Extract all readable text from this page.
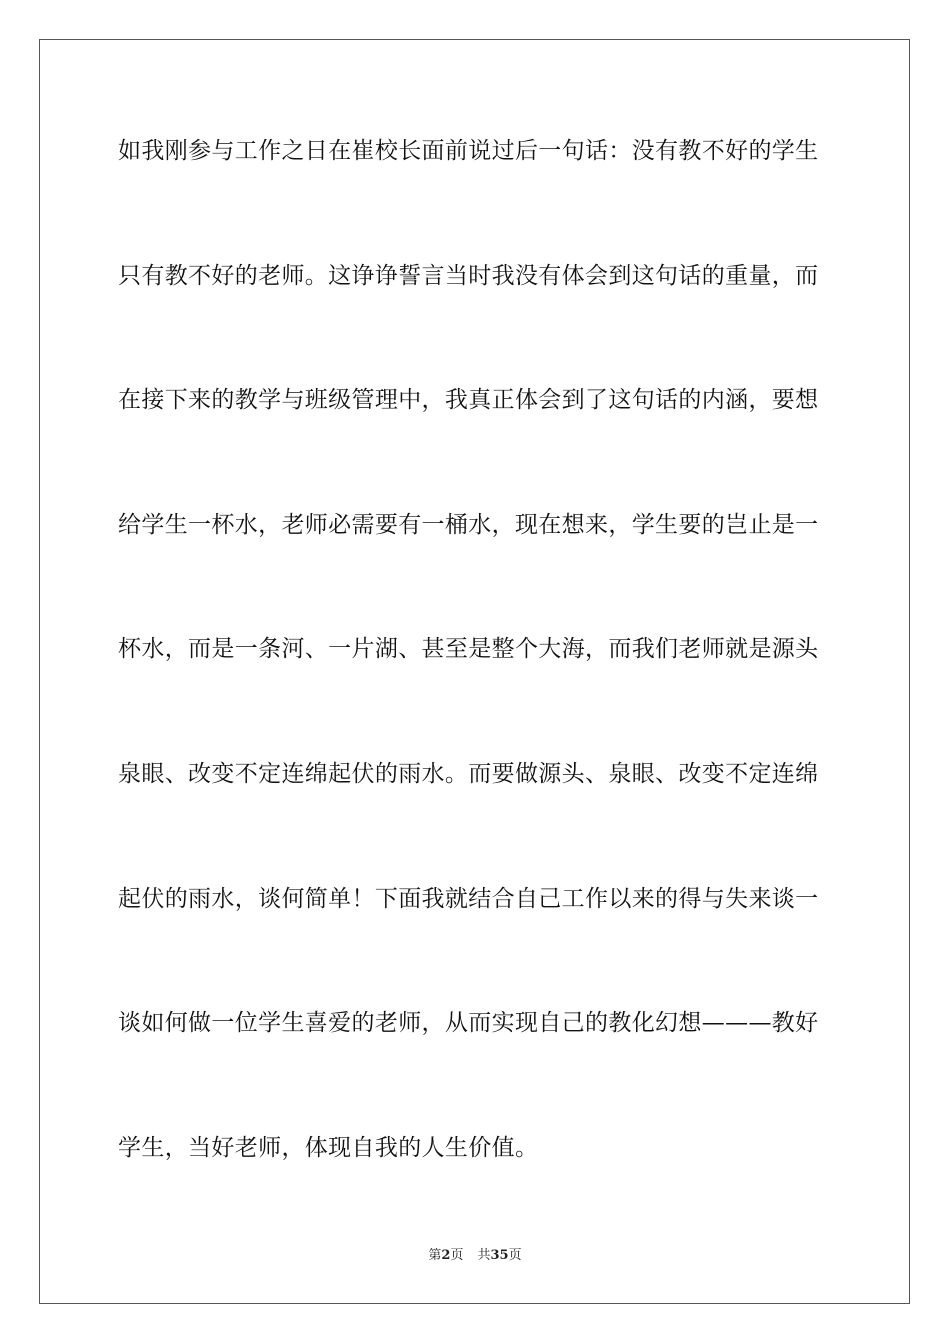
如我刚参与工作之日在崔校长面前说过后一句话：没有教不好的学生
只有教不好的老师。这诤诤誓言当时我没有体会到这句话的重量，而
在接下来的教学与班级管理中，我真正体会到了这句话的内涵，要想
给学生一杯水，老师必需要有一桶水，现在想来，学生要的岂止是一
杯水，而是一条河、一片湖、甚至是整个大海，而我们老师就是源头
泉眼、改变不定连绵起伏的雨水。而要做源头、泉眼、改变不定连绵
起伏的雨水，谈何简单！下面我就结合自己工作以来的得与失来谈一
谈如何做一位学生喜爱的老师，从而实现自己的教化幻想———教好
学生，当好老师，体现自我的人生价值。
第2页 共35页
